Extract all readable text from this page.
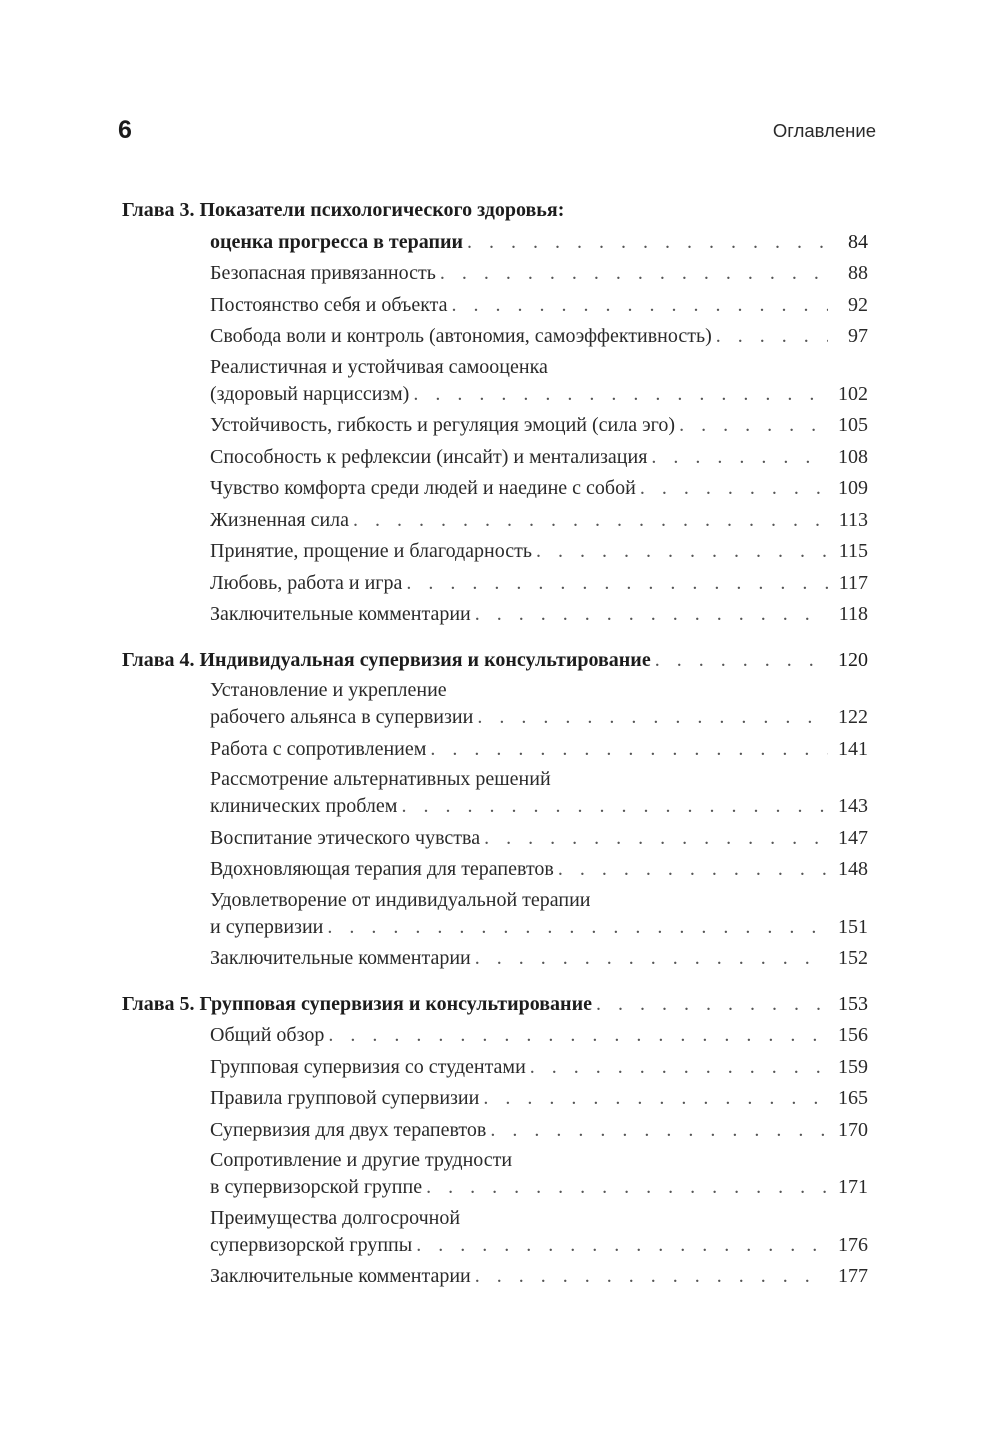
6	Оглавление
Глава 3. Показатели психологического здоровья:
оценка прогресса в терапии . . .	84
Безопасная привязанность . . .	88
Постоянство себя и объекта . . .	92
Свобода воли и контроль (автономия, самоэффективность) . . .	97
Реалистичная и устойчивая самооценка
(здоровый нарциссизм) . . .	102
Устойчивость, гибкость и регуляция эмоций (сила эго) . . .	105
Способность к рефлексии (инсайт) и ментализация . . .	108
Чувство комфорта среди людей и наедине с собой . . .	109
Жизненная сила . . .	113
Принятие, прощение и благодарность . . .	115
Любовь, работа и игра . . .	117
Заключительные комментарии . . .	118
Глава 4. Индивидуальная супервизия и консультирование . . .	120
Установление и укрепление
рабочего альянса в супервизии . . .	122
Работа с сопротивлением . . .	141
Рассмотрение альтернативных решений
клинических проблем . . .	143
Воспитание этического чувства . . .	147
Вдохновляющая терапия для терапевтов . . .	148
Удовлетворение от индивидуальной терапии
и супервизии . . .	151
Заключительные комментарии . . .	152
Глава 5. Групповая супервизия и консультирование . . .	153
Общий обзор . . .	156
Групповая супервизия со студентами . . .	159
Правила групповой супервизии . . .	165
Супервизия для двух терапевтов . . .	170
Сопротивление и другие трудности
в супервизорской группе . . .	171
Преимущества долгосрочной
супервизорской группы . . .	176
Заключительные комментарии . . .	177
